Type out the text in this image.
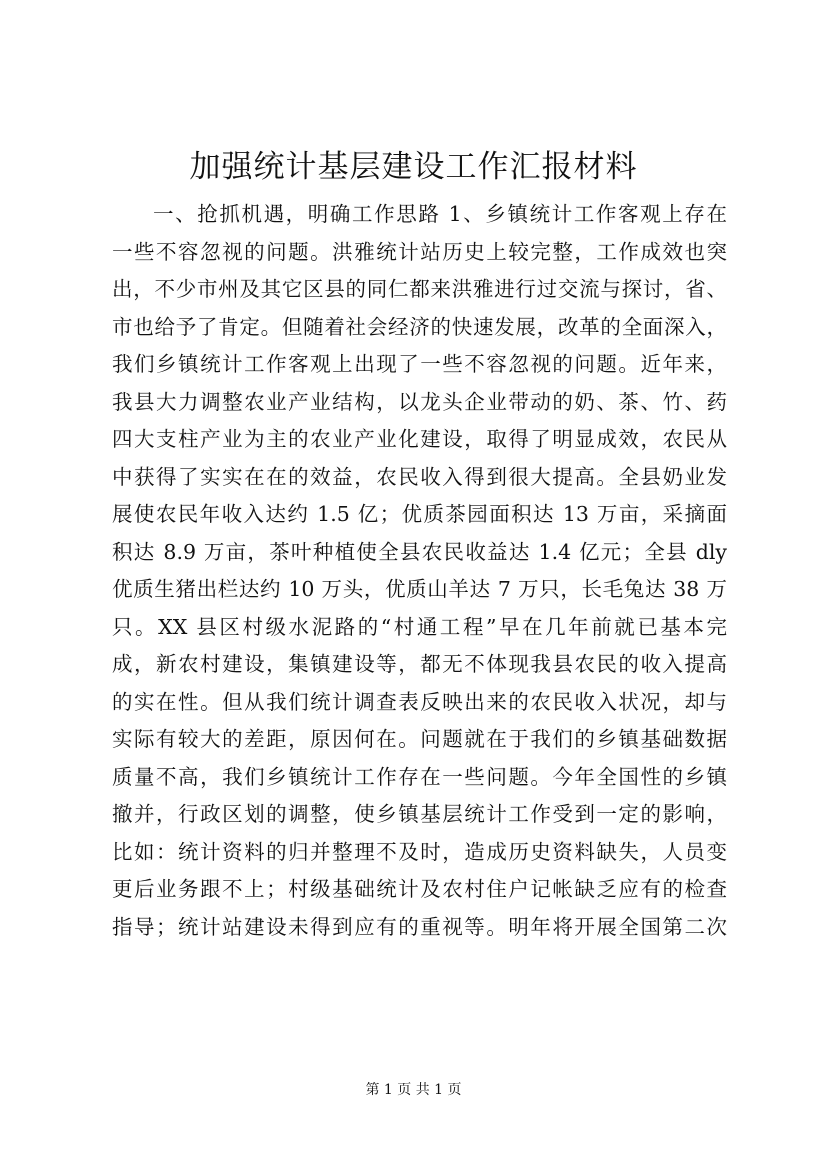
加强统计基层建设工作汇报材料
一、抢抓机遇，明确工作思路 1、乡镇统计工作客观上存在
一些不容忽视的问题。洪雅统计站历史上较完整，工作成效也突
出，不少市州及其它区县的同仁都来洪雅进行过交流与探讨，省、
市也给予了肯定。但随着社会经济的快速发展，改革的全面深入，
我们乡镇统计工作客观上出现了一些不容忽视的问题。近年来，
我县大力调整农业产业结构，以龙头企业带动的奶、茶、竹、药
四大支柱产业为主的农业产业化建设，取得了明显成效，农民从
中获得了实实在在的效益，农民收入得到很大提高。全县奶业发
展使农民年收入达约 1.5 亿；优质茶园面积达 13 万亩，采摘面
积达 8.9 万亩，茶叶种植使全县农民收益达 1.4 亿元；全县 dly
优质生猪出栏达约 10 万头，优质山羊达 7 万只，长毛兔达 38 万
只。XX 县区村级水泥路的“村通工程”早在几年前就已基本完
成，新农村建设，集镇建设等，都无不体现我县农民的收入提高
的实在性。但从我们统计调查表反映出来的农民收入状况，却与
实际有较大的差距，原因何在。问题就在于我们的乡镇基础数据
质量不高，我们乡镇统计工作存在一些问题。今年全国性的乡镇
撤并，行政区划的调整，使乡镇基层统计工作受到一定的影响，
比如：统计资料的归并整理不及时，造成历史资料缺失，人员变
更后业务跟不上；村级基础统计及农村住户记帐缺乏应有的检查
指导；统计站建设未得到应有的重视等。明年将开展全国第二次
第 1 页 共 1 页
